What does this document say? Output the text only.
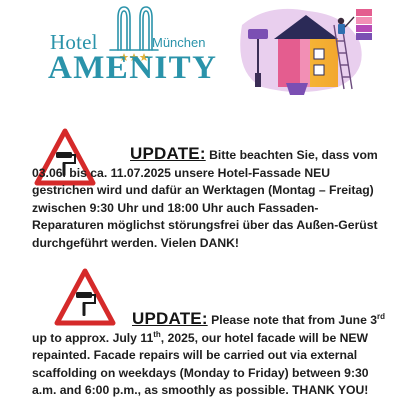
Hotel	München
AMENITY
UPDATE: Bitte beachten Sie, dass vom 03.06. bis ca. 11.07.2025 unsere Hotel-Fassade NEU gestrichen wird und dafür an Werktagen (Montag – Freitag) zwischen 9:30 Uhr und 18:00 Uhr auch Fassaden-Reparaturen möglichst störungsfrei über das Außen-Gerüst durchgeführt werden. Vielen DANK!
UPDATE: Please note that from June 3rd up to approx. July 11th, 2025, our hotel facade will be NEW repainted. Facade repairs will be carried out via external scaffolding on weekdays (Monday to Friday) between 9:30 a.m. and 6:00 p.m., as smoothly as possible. THANK YOU!
